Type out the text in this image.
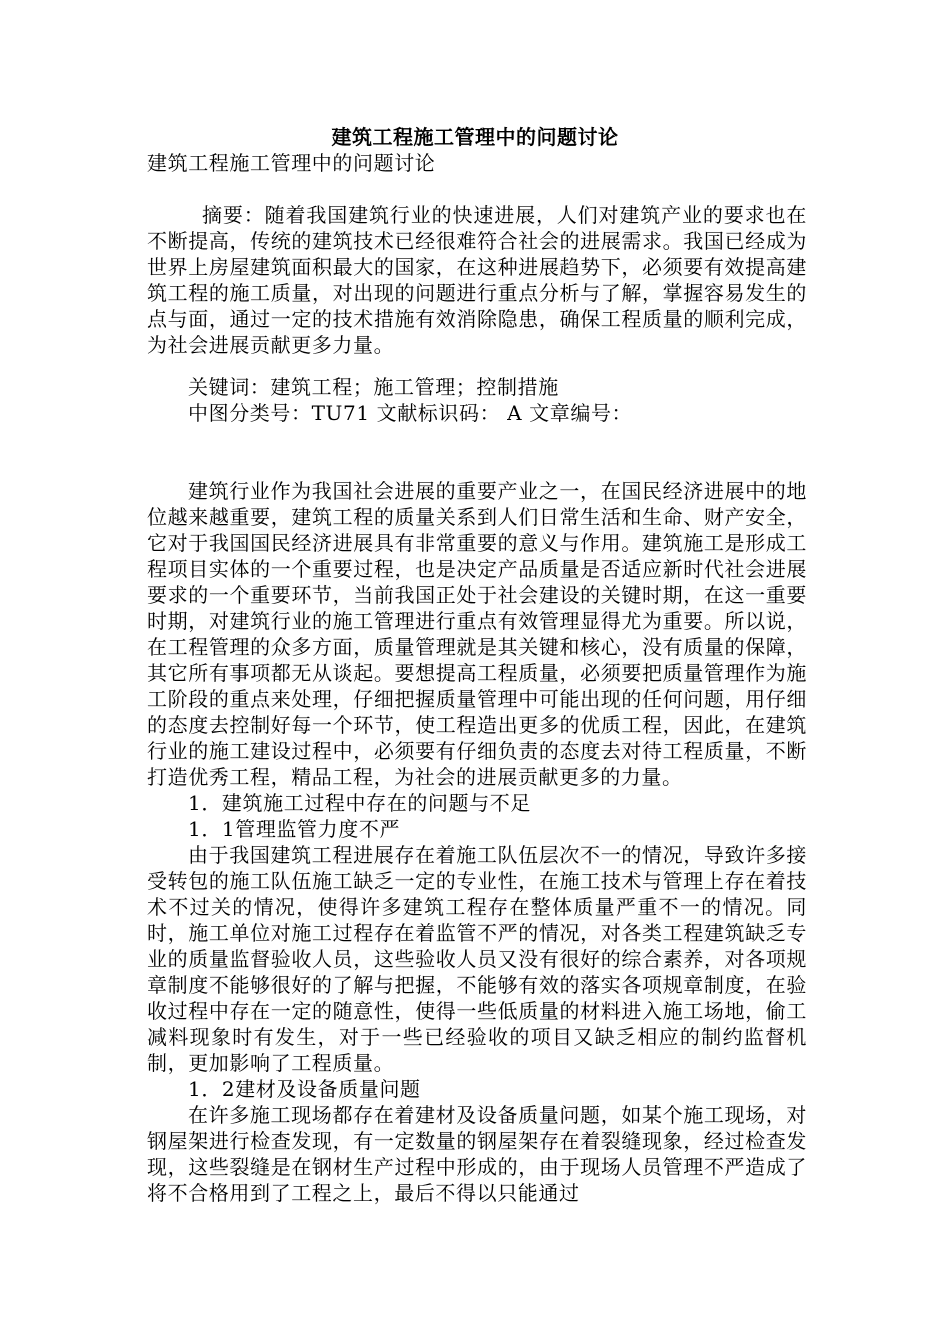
建筑工程施工管理中的问题讨论

建筑工程施工管理中的问题讨论

摘要：随着我国建筑行业的快速进展，人们对建筑产业的要求也在不断提高，传统的建筑技术已经很难符合社会的进展需求。我国已经成为世界上房屋建筑面积最大的国家，在这种进展趋势下，必须要有效提高建筑工程的施工质量，对出现的问题进行重点分析与了解，掌握容易发生的点与面，通过一定的技术措施有效消除隐患，确保工程质量的顺利完成，为社会进展贡献更多力量。

关键词：建筑工程；施工管理；控制措施

中图分类号：TU71 文献标识码： A 文章编号：

建筑行业作为我国社会进展的重要产业之一，在国民经济进展中的地位越来越重要，建筑工程的质量关系到人们日常生活和生命、财产安全，它对于我国国民经济进展具有非常重要的意义与作用。建筑施工是形成工程项目实体的一个重要过程，也是决定产品质量是否适应新时代社会进展要求的一个重要环节，当前我国正处于社会建设的关键时期，在这一重要时期，对建筑行业的施工管理进行重点有效管理显得尤为重要。所以说，在工程管理的众多方面，质量管理就是其关键和核心，没有质量的保障，其它所有事项都无从谈起。要想提高工程质量，必须要把质量管理作为施工阶段的重点来处理，仔细把握质量管理中可能出现的任何问题，用仔细的态度去控制好每一个环节，使工程造出更多的优质工程，因此，在建筑行业的施工建设过程中，必须要有仔细负责的态度去对待工程质量，不断打造优秀工程，精品工程，为社会的进展贡献更多的力量。

1．建筑施工过程中存在的问题与不足

1．1管理监管力度不严

由于我国建筑工程进展存在着施工队伍层次不一的情况，导致许多接受转包的施工队伍施工缺乏一定的专业性，在施工技术与管理上存在着技术不过关的情况，使得许多建筑工程存在整体质量严重不一的情况。同时，施工单位对施工过程存在着监管不严的情况，对各类工程建筑缺乏专业的质量监督验收人员，这些验收人员又没有很好的综合素养，对各项规章制度不能够很好的了解与把握，不能够有效的落实各项规章制度，在验收过程中存在一定的随意性，使得一些低质量的材料进入施工场地，偷工减料现象时有发生，对于一些已经验收的项目又缺乏相应的制约监督机制，更加影响了工程质量。

1．2建材及设备质量问题

在许多施工现场都存在着建材及设备质量问题，如某个施工现场，对钢屋架进行检查发现，有一定数量的钢屋架存在着裂缝现象，经过检查发现，这些裂缝是在钢材生产过程中形成的，由于现场人员管理不严造成了将不合格用到了工程之上，最后不得以只能通过
